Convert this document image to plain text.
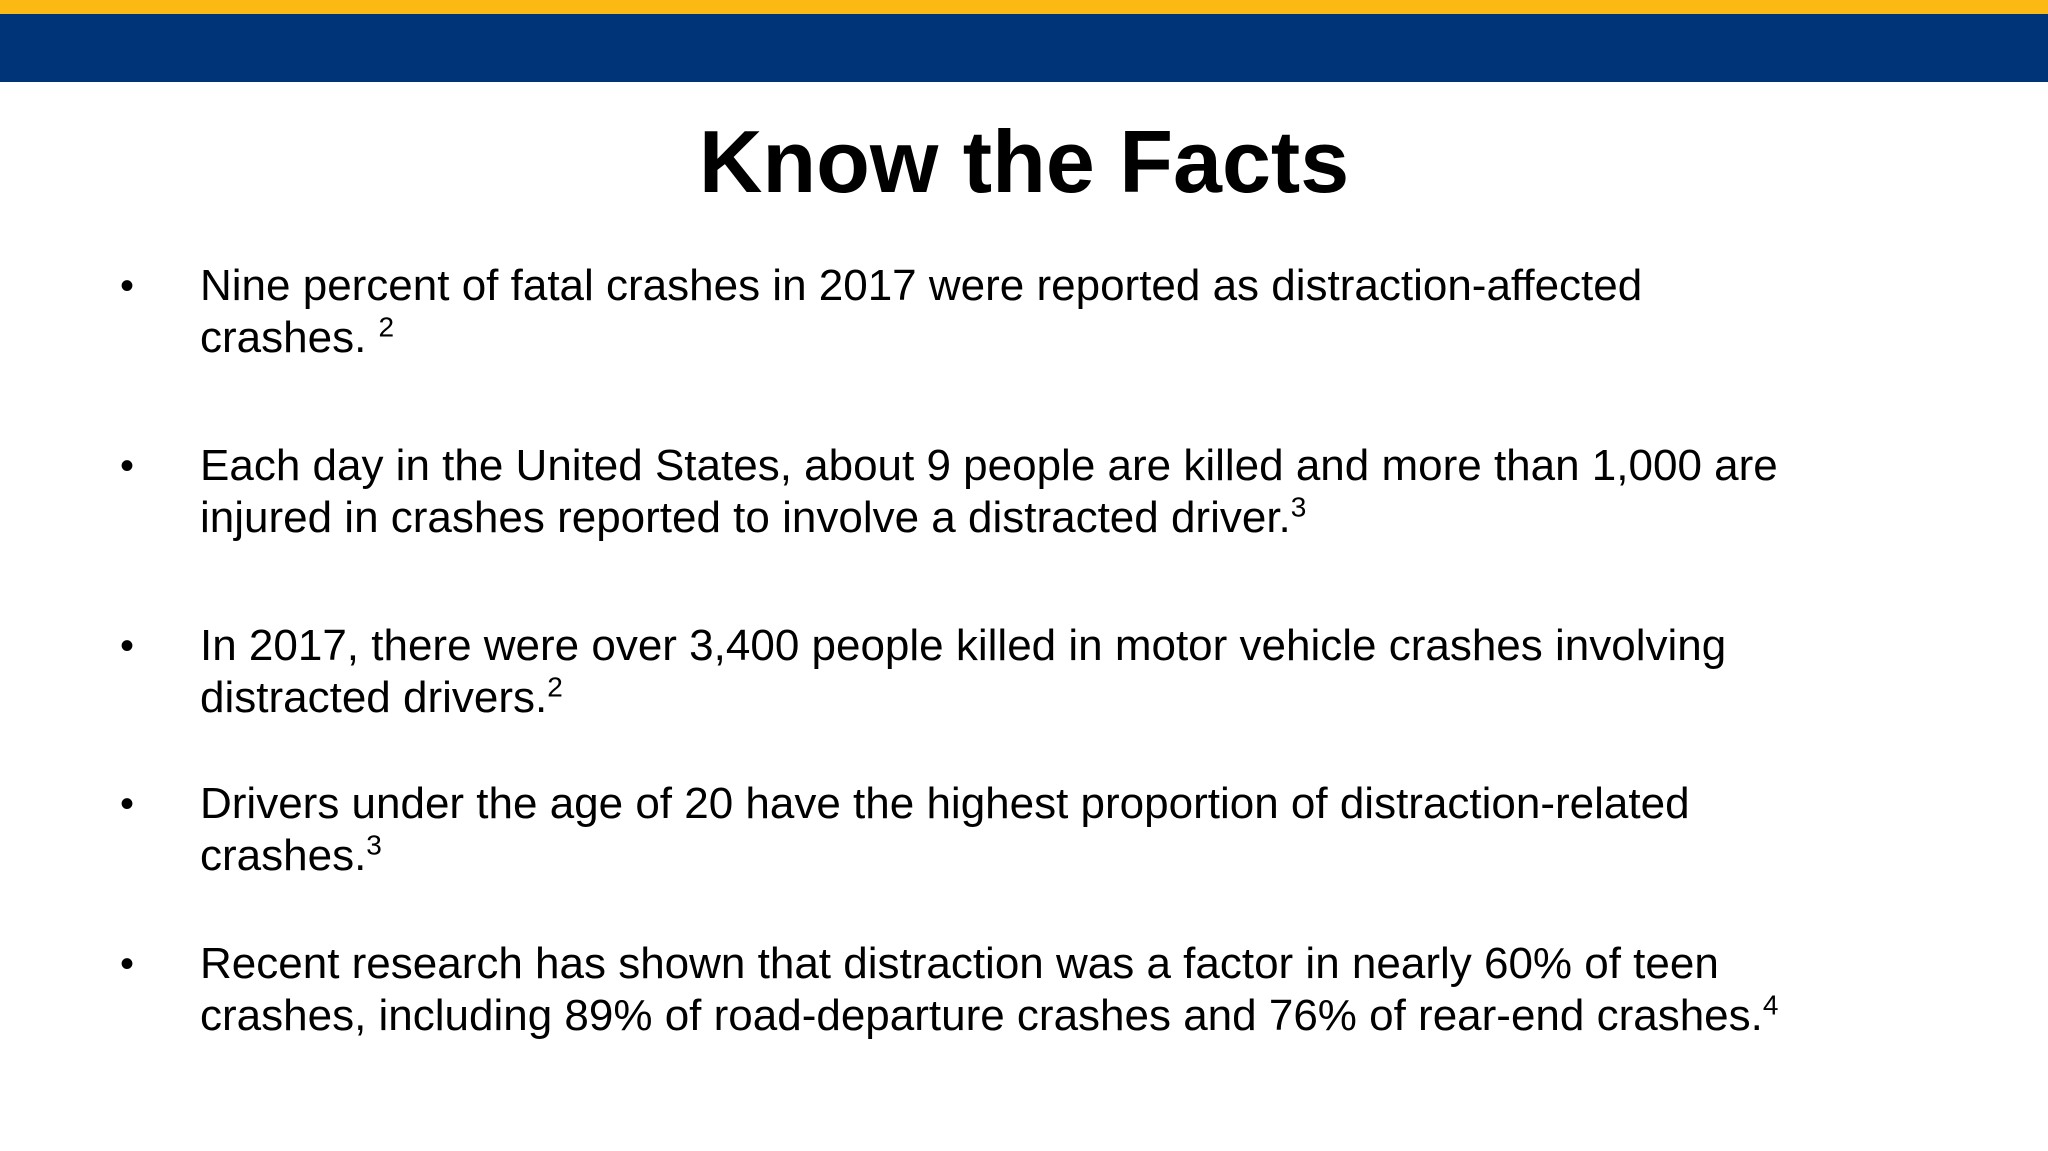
Know the Facts
•	Nine percent of fatal crashes in 2017 were reported as distraction-affected
crashes. $^2$
•	Each day in the United States, about 9 people are killed and more than 1,000 are
injured in crashes reported to involve a distracted driver.$^3$
•	In 2017, there were over 3,400 people killed in motor vehicle crashes involving
distracted drivers.$^2$
•	Drivers under the age of 20 have the highest proportion of distraction-related
crashes.$^3$
•	Recent research has shown that distraction was a factor in nearly 60% of teen
crashes, including 89% of road-departure crashes and 76% of rear-end crashes.$^4$
